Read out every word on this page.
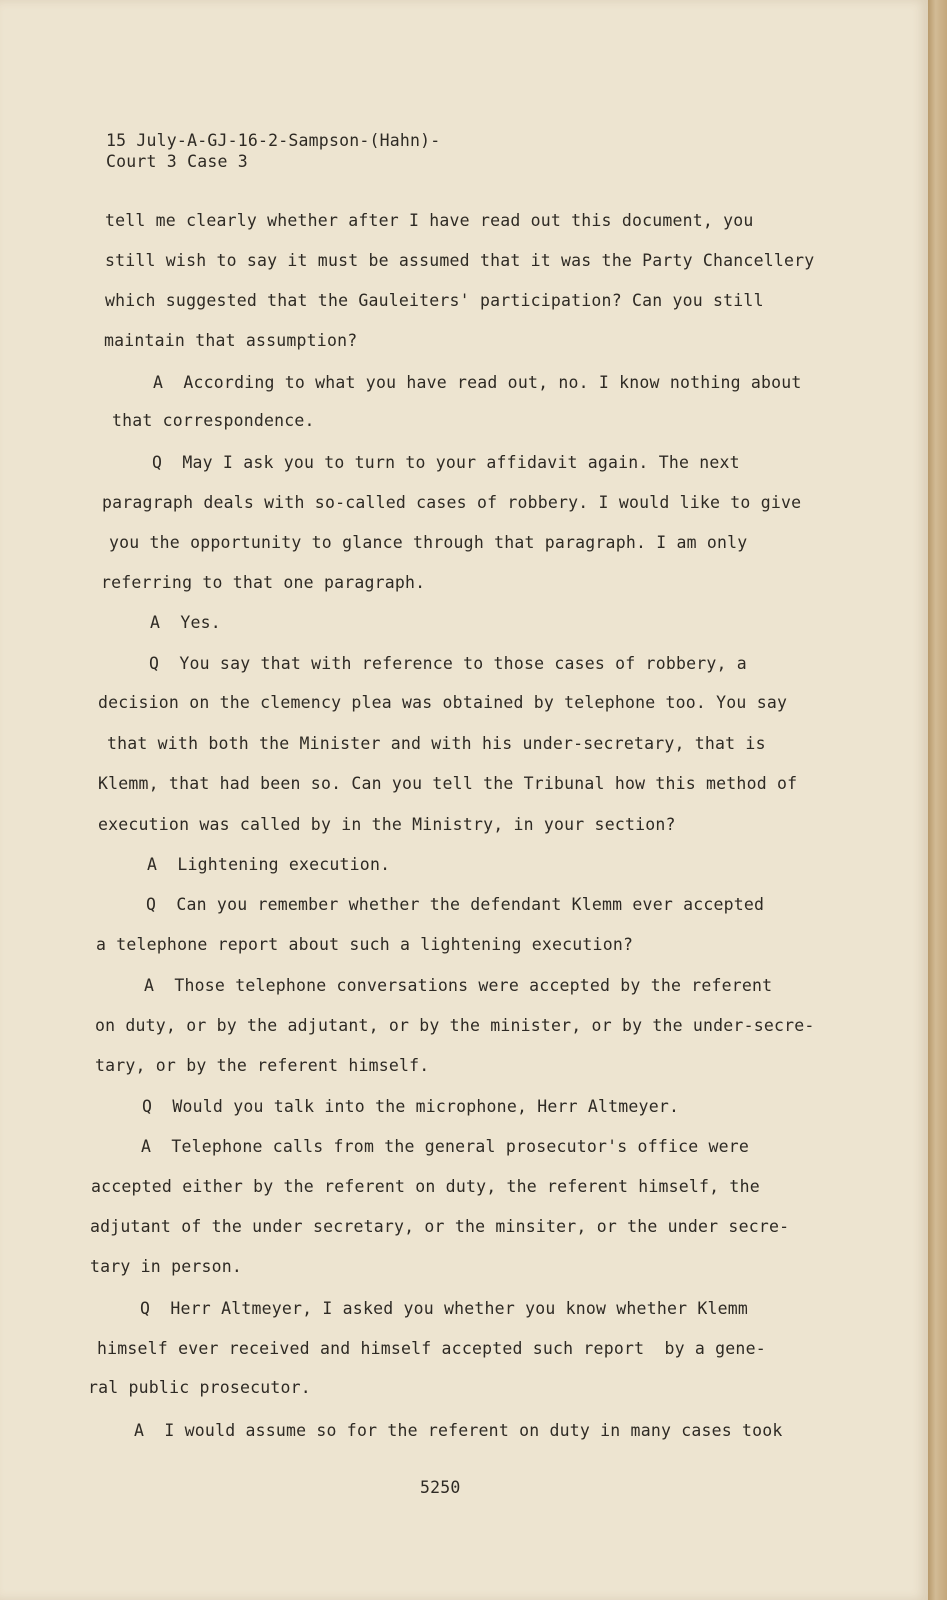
15 July-A-GJ-16-2-Sampson-(Hahn)-
Court 3 Case 3
tell me clearly whether after I have read out this document, you
still wish to say it must be assumed that it was the Party Chancellery
which suggested that the Gauleiters' participation? Can you still
maintain that assumption?
A  According to what you have read out, no. I know nothing about
that correspondence.
Q  May I ask you to turn to your affidavit again. The next
paragraph deals with so-called cases of robbery. I would like to give
you the opportunity to glance through that paragraph. I am only
referring to that one paragraph.
A  Yes.
Q  You say that with reference to those cases of robbery, a
decision on the clemency plea was obtained by telephone too. You say
that with both the Minister and with his under-secretary, that is
Klemm, that had been so. Can you tell the Tribunal how this method of
execution was called by in the Ministry, in your section?
A  Lightening execution.
Q  Can you remember whether the defendant Klemm ever accepted
a telephone report about such a lightening execution?
A  Those telephone conversations were accepted by the referent
on duty, or by the adjutant, or by the minister, or by the under-secre-
tary, or by the referent himself.
Q  Would you talk into the microphone, Herr Altmeyer.
A  Telephone calls from the general prosecutor's office were
accepted either by the referent on duty, the referent himself, the
adjutant of the under secretary, or the minsiter, or the under secre-
tary in person.
Q  Herr Altmeyer, I asked you whether you know whether Klemm
himself ever received and himself accepted such report  by a gene-
ral public prosecutor.
A  I would assume so for the referent on duty in many cases took
5250
